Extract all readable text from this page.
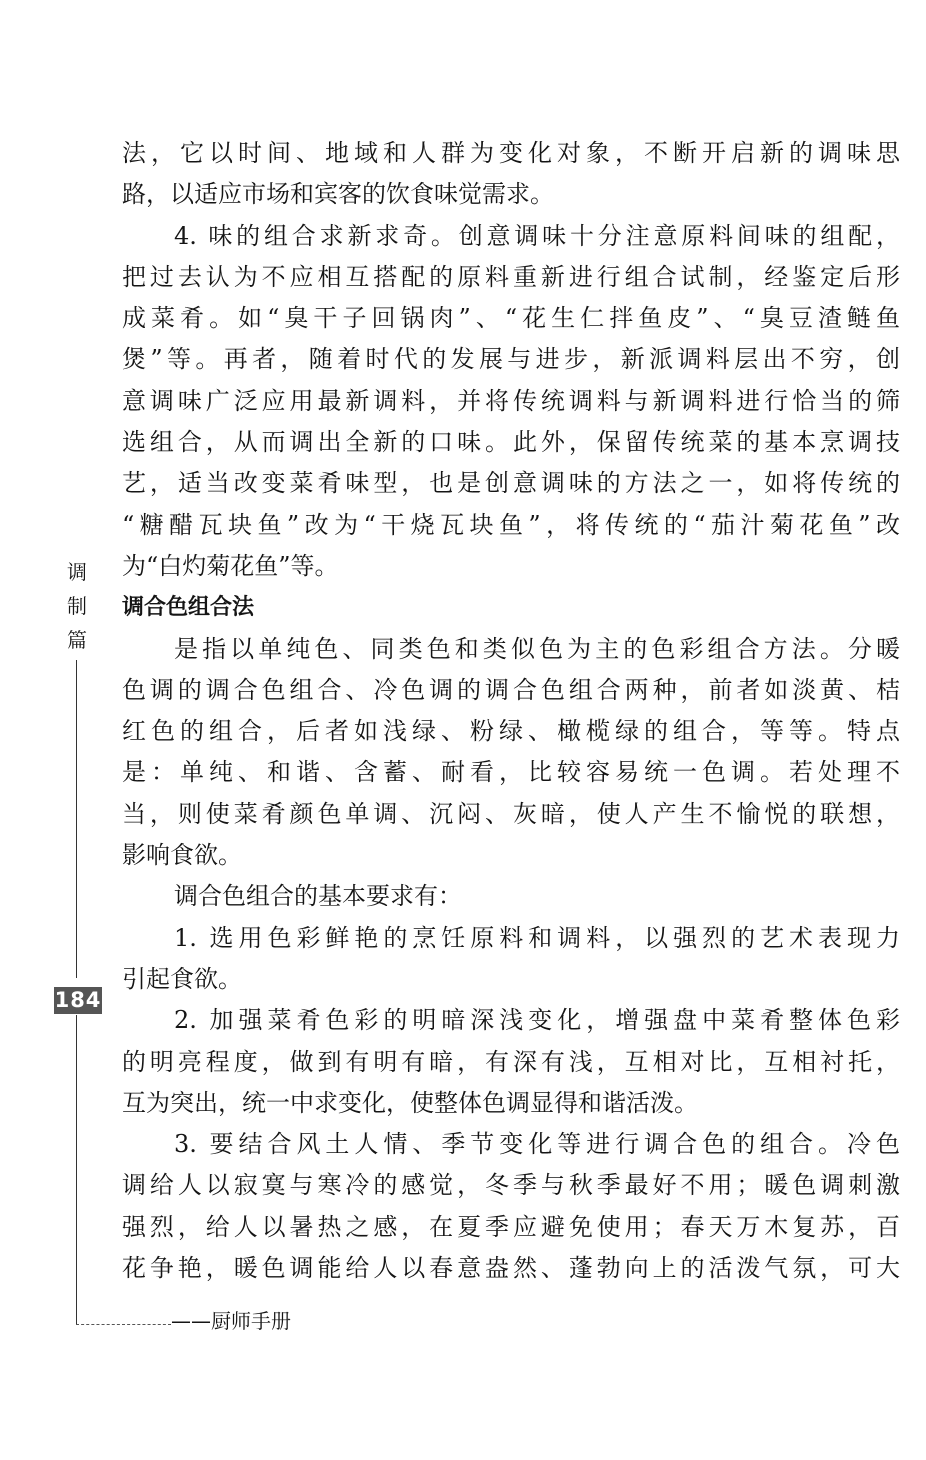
调
制
篇
184
——厨师手册
法，它以时间、地域和人群为变化对象，不断开启新的调味思
路，以适应市场和宾客的饮食味觉需求。
4. 味的组合求新求奇。创意调味十分注意原料间味的组配，
把过去认为不应相互搭配的原料重新进行组合试制，经鉴定后形
成菜肴。如“臭干子回锅肉”、“花生仁拌鱼皮”、“臭豆渣鲢鱼
煲”等。再者，随着时代的发展与进步，新派调料层出不穷，创
意调味广泛应用最新调料，并将传统调料与新调料进行恰当的筛
选组合，从而调出全新的口味。此外，保留传统菜的基本烹调技
艺，适当改变菜肴味型，也是创意调味的方法之一，如将传统的
“糖醋瓦块鱼”改为“干烧瓦块鱼”，将传统的“茄汁菊花鱼”改
为“白灼菊花鱼”等。
调合色组合法
是指以单纯色、同类色和类似色为主的色彩组合方法。分暖
色调的调合色组合、冷色调的调合色组合两种，前者如淡黄、桔
红色的组合，后者如浅绿、粉绿、橄榄绿的组合，等等。特点
是：单纯、和谐、含蓄、耐看，比较容易统一色调。若处理不
当，则使菜肴颜色单调、沉闷、灰暗，使人产生不愉悦的联想，
影响食欲。
调合色组合的基本要求有：
1. 选用色彩鲜艳的烹饪原料和调料，以强烈的艺术表现力
引起食欲。
2. 加强菜肴色彩的明暗深浅变化，增强盘中菜肴整体色彩
的明亮程度，做到有明有暗，有深有浅，互相对比，互相衬托，
互为突出，统一中求变化，使整体色调显得和谐活泼。
3. 要结合风土人情、季节变化等进行调合色的组合。冷色
调给人以寂寞与寒冷的感觉，冬季与秋季最好不用；暖色调刺激
强烈，给人以暑热之感，在夏季应避免使用；春天万木复苏，百
花争艳，暖色调能给人以春意盎然、蓬勃向上的活泼气氛，可大
